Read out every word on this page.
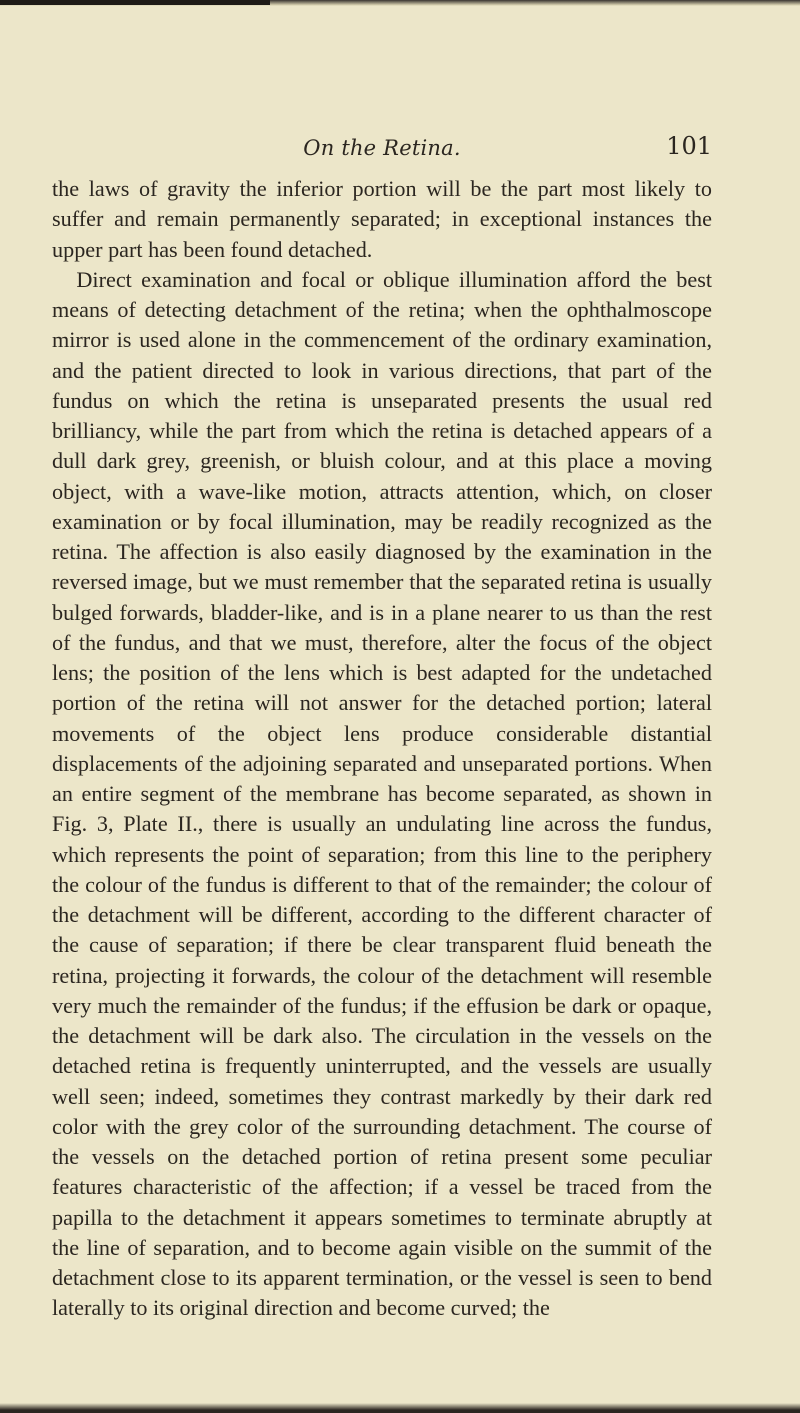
On the Retina.	101

the laws of gravity the inferior portion will be the part most likely to suffer and remain permanently separated; in exceptional instances the upper part has been found detached.

Direct examination and focal or oblique illumination afford the best means of detecting detachment of the retina; when the ophthalmoscope mirror is used alone in the commencement of the ordinary examination, and the patient directed to look in various directions, that part of the fundus on which the retina is unseparated presents the usual red brilliancy, while the part from which the retina is detached appears of a dull dark grey, greenish, or bluish colour, and at this place a moving object, with a wave-like motion, attracts attention, which, on closer examination or by focal illumination, may be readily recognized as the retina. The affection is also easily diagnosed by the examination in the reversed image, but we must remember that the separated retina is usually bulged forwards, bladder-like, and is in a plane nearer to us than the rest of the fundus, and that we must, therefore, alter the focus of the object lens; the position of the lens which is best adapted for the undetached portion of the retina will not answer for the detached portion; lateral movements of the object lens produce considerable distantial displacements of the adjoining separated and unseparated portions. When an entire segment of the membrane has become separated, as shown in Fig. 3, Plate II., there is usually an undulating line across the fundus, which represents the point of separation; from this line to the periphery the colour of the fundus is different to that of the remainder; the colour of the detachment will be different, according to the different character of the cause of separation; if there be clear transparent fluid beneath the retina, projecting it forwards, the colour of the detachment will resemble very much the remainder of the fundus; if the effusion be dark or opaque, the detachment will be dark also. The circulation in the vessels on the detached retina is frequently uninterrupted, and the vessels are usually well seen; indeed, sometimes they contrast markedly by their dark red color with the grey color of the surrounding detachment. The course of the vessels on the detached portion of retina present some peculiar features characteristic of the affection; if a vessel be traced from the papilla to the detachment it appears sometimes to terminate abruptly at the line of separation, and to become again visible on the summit of the detachment close to its apparent termination, or the vessel is seen to bend laterally to its original direction and become curved; the
